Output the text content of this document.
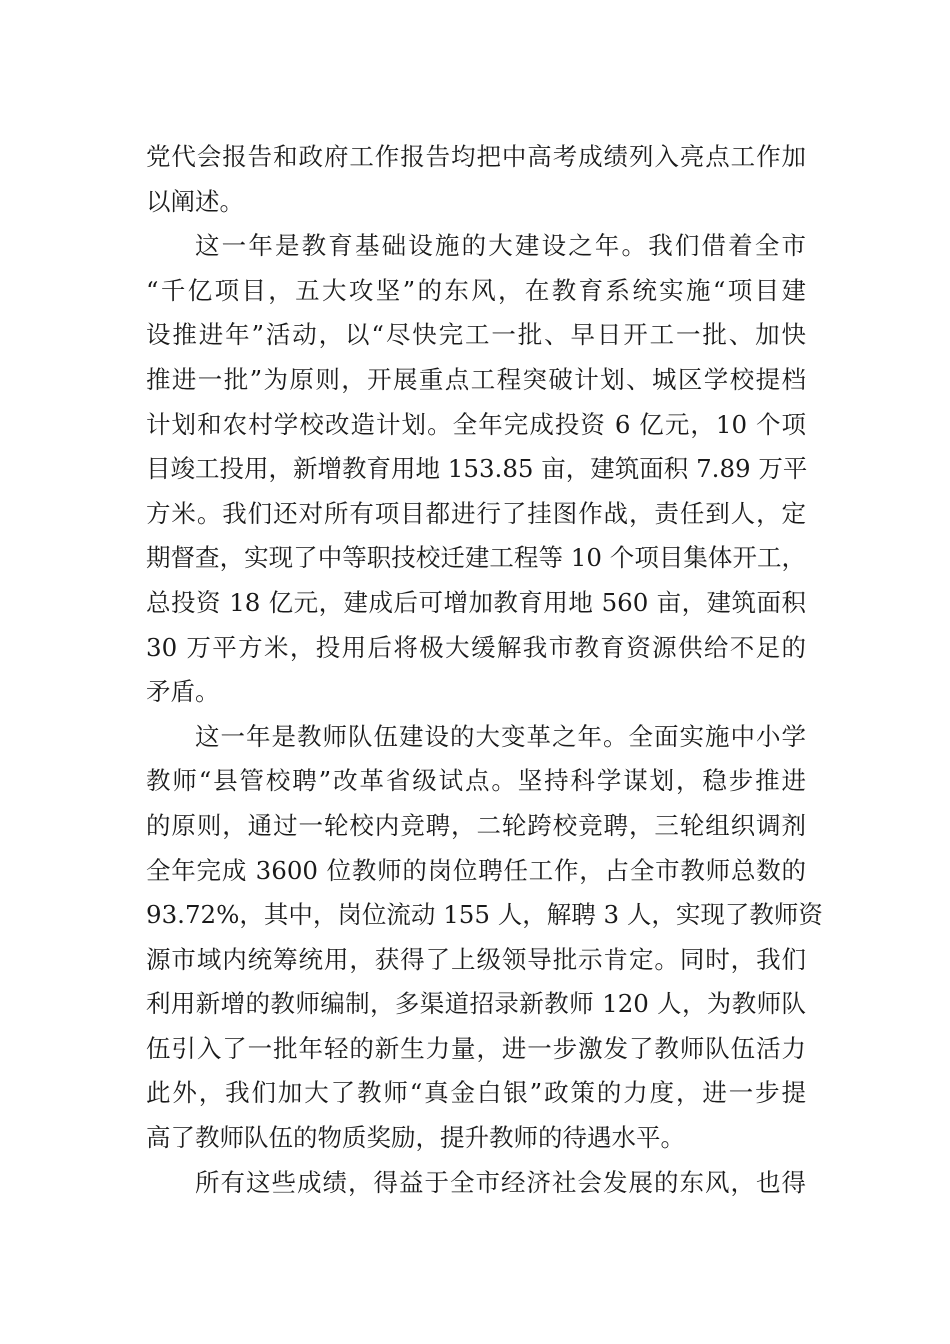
党代会报告和政府工作报告均把中高考成绩列入亮点工作加
以阐述。
这一年是教育基础设施的大建设之年。我们借着全市
“千亿项目，五大攻坚”的东风，在教育系统实施“项目建
设推进年”活动，以“尽快完工一批、早日开工一批、加快
推进一批”为原则，开展重点工程突破计划、城区学校提档
计划和农村学校改造计划。全年完成投资 6 亿元，10 个项
目竣工投用，新增教育用地 153.85 亩，建筑面积 7.89 万平
方米。我们还对所有项目都进行了挂图作战，责任到人，定
期督查，实现了中等职技校迁建工程等 10 个项目集体开工，
总投资 18 亿元，建成后可增加教育用地 560 亩，建筑面积
30 万平方米，投用后将极大缓解我市教育资源供给不足的
矛盾。
这一年是教师队伍建设的大变革之年。全面实施中小学
教师“县管校聘”改革省级试点。坚持科学谋划，稳步推进
的原则，通过一轮校内竞聘，二轮跨校竞聘，三轮组织调剂
全年完成 3600 位教师的岗位聘任工作，占全市教师总数的
93.72%，其中，岗位流动 155 人，解聘 3 人，实现了教师资
源市域内统筹统用，获得了上级领导批示肯定。同时，我们
利用新增的教师编制，多渠道招录新教师 120 人，为教师队
伍引入了一批年轻的新生力量，进一步激发了教师队伍活力
此外，我们加大了教师“真金白银”政策的力度，进一步提
高了教师队伍的物质奖励，提升教师的待遇水平。
所有这些成绩，得益于全市经济社会发展的东风，也得
